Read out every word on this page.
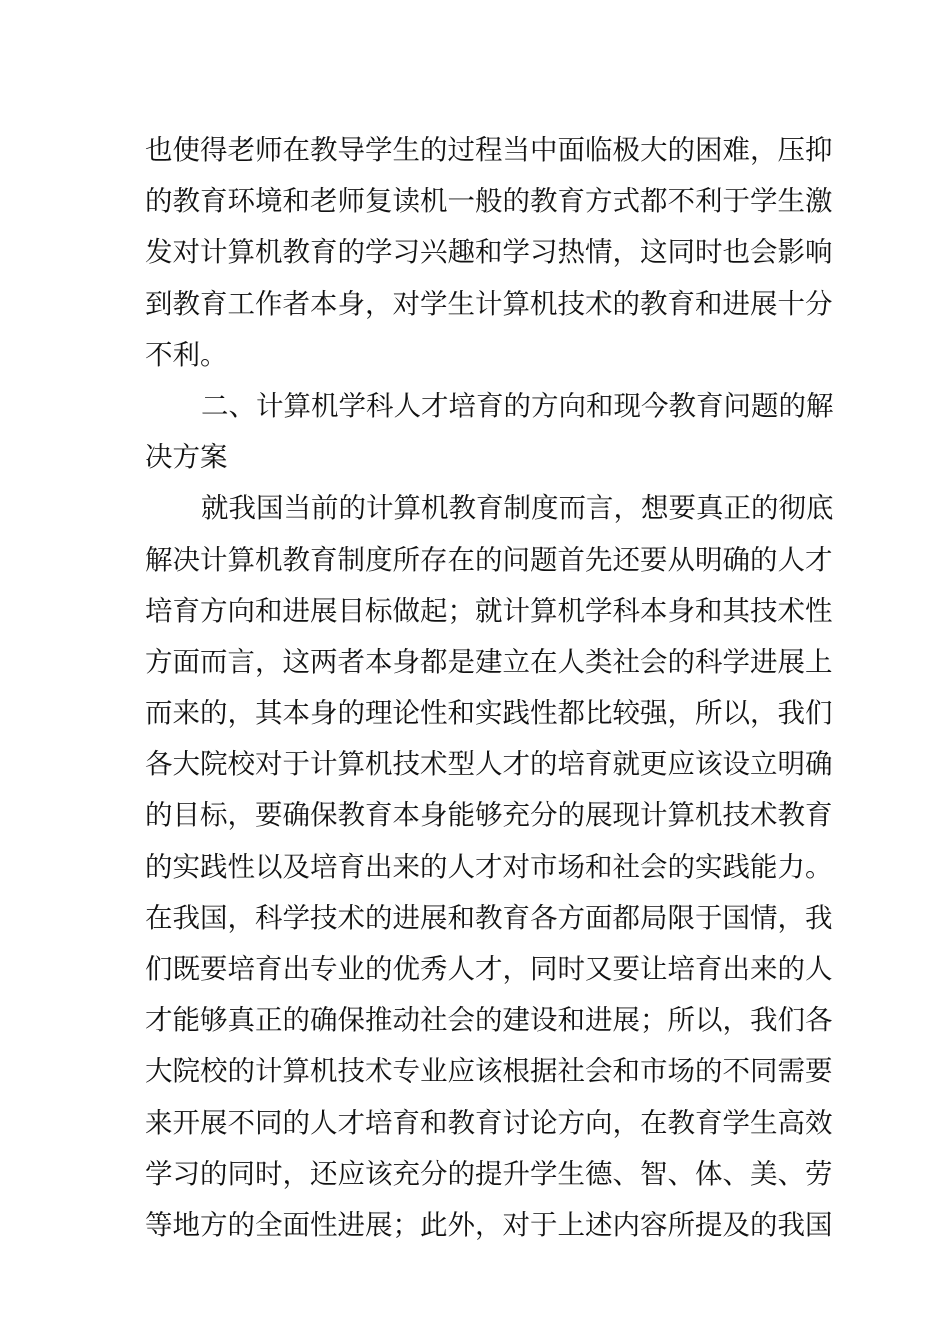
也使得老师在教导学生的过程当中面临极大的困难，压抑
的教育环境和老师复读机一般的教育方式都不利于学生激
发对计算机教育的学习兴趣和学习热情，这同时也会影响
到教育工作者本身，对学生计算机技术的教育和进展十分
不利。
二、计算机学科人才培育的方向和现今教育问题的解
决方案
就我国当前的计算机教育制度而言，想要真正的彻底
解决计算机教育制度所存在的问题首先还要从明确的人才
培育方向和进展目标做起；就计算机学科本身和其技术性
方面而言，这两者本身都是建立在人类社会的科学进展上
而来的，其本身的理论性和实践性都比较强，所以，我们
各大院校对于计算机技术型人才的培育就更应该设立明确
的目标，要确保教育本身能够充分的展现计算机技术教育
的实践性以及培育出来的人才对市场和社会的实践能力。
在我国，科学技术的进展和教育各方面都局限于国情，我
们既要培育出专业的优秀人才，同时又要让培育出来的人
才能够真正的确保推动社会的建设和进展；所以，我们各
大院校的计算机技术专业应该根据社会和市场的不同需要
来开展不同的人才培育和教育讨论方向，在教育学生高效
学习的同时，还应该充分的提升学生德、智、体、美、劳
等地方的全面性进展；此外，对于上述内容所提及的我国
